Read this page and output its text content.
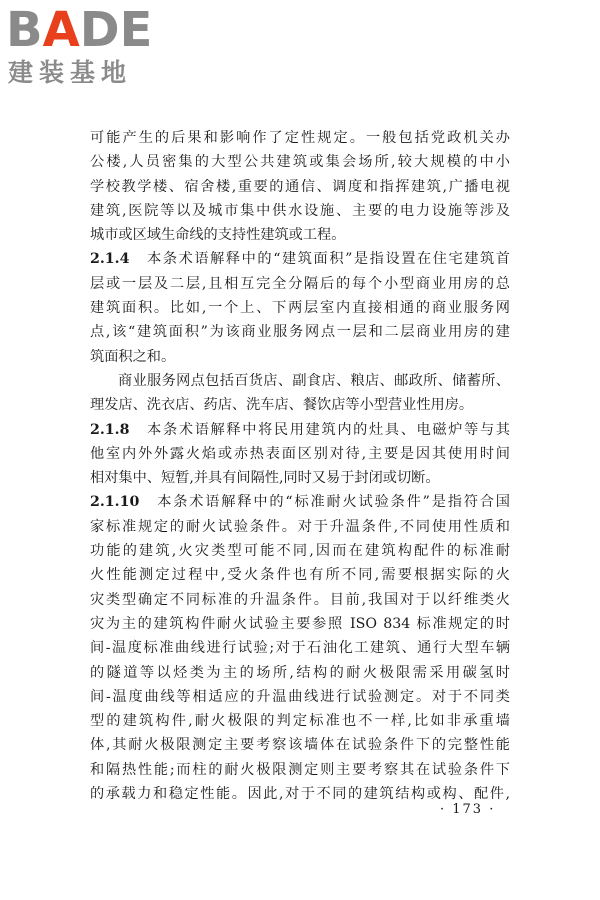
BADE
建装基地
可能产生的后果和影响作了定性规定。一般包括党政机关办
公楼,人员密集的大型公共建筑或集会场所,较大规模的中小
学校教学楼、宿舍楼,重要的通信、调度和指挥建筑,广播电视
建筑,医院等以及城市集中供水设施、主要的电力设施等涉及
城市或区域生命线的支持性建筑或工程。
2.1.4 本条术语解释中的“建筑面积”是指设置在住宅建筑首
层或一层及二层,且相互完全分隔后的每个小型商业用房的总
建筑面积。比如,一个上、下两层室内直接相通的商业服务网
点,该“建筑面积”为该商业服务网点一层和二层商业用房的建
筑面积之和。
商业服务网点包括百货店、副食店、粮店、邮政所、储蓄所、
理发店、洗衣店、药店、洗车店、餐饮店等小型营业性用房。
2.1.8 本条术语解释中将民用建筑内的灶具、电磁炉等与其
他室内外外露火焰或赤热表面区别对待,主要是因其使用时间
相对集中、短暂,并具有间隔性,同时又易于封闭或切断。
2.1.10 本条术语解释中的“标准耐火试验条件”是指符合国
家标准规定的耐火试验条件。对于升温条件,不同使用性质和
功能的建筑,火灾类型可能不同,因而在建筑构配件的标准耐
火性能测定过程中,受火条件也有所不同,需要根据实际的火
灾类型确定不同标准的升温条件。目前,我国对于以纤维类火
灾为主的建筑构件耐火试验主要参照 ISO 834 标准规定的时
间-温度标准曲线进行试验;对于石油化工建筑、通行大型车辆
的隧道等以烃类为主的场所,结构的耐火极限需采用碳氢时
间-温度曲线等相适应的升温曲线进行试验测定。对于不同类
型的建筑构件,耐火极限的判定标准也不一样,比如非承重墙
体,其耐火极限测定主要考察该墙体在试验条件下的完整性能
和隔热性能;而柱的耐火极限测定则主要考察其在试验条件下
的承载力和稳定性能。因此,对于不同的建筑结构或构、配件,
· 173 ·
